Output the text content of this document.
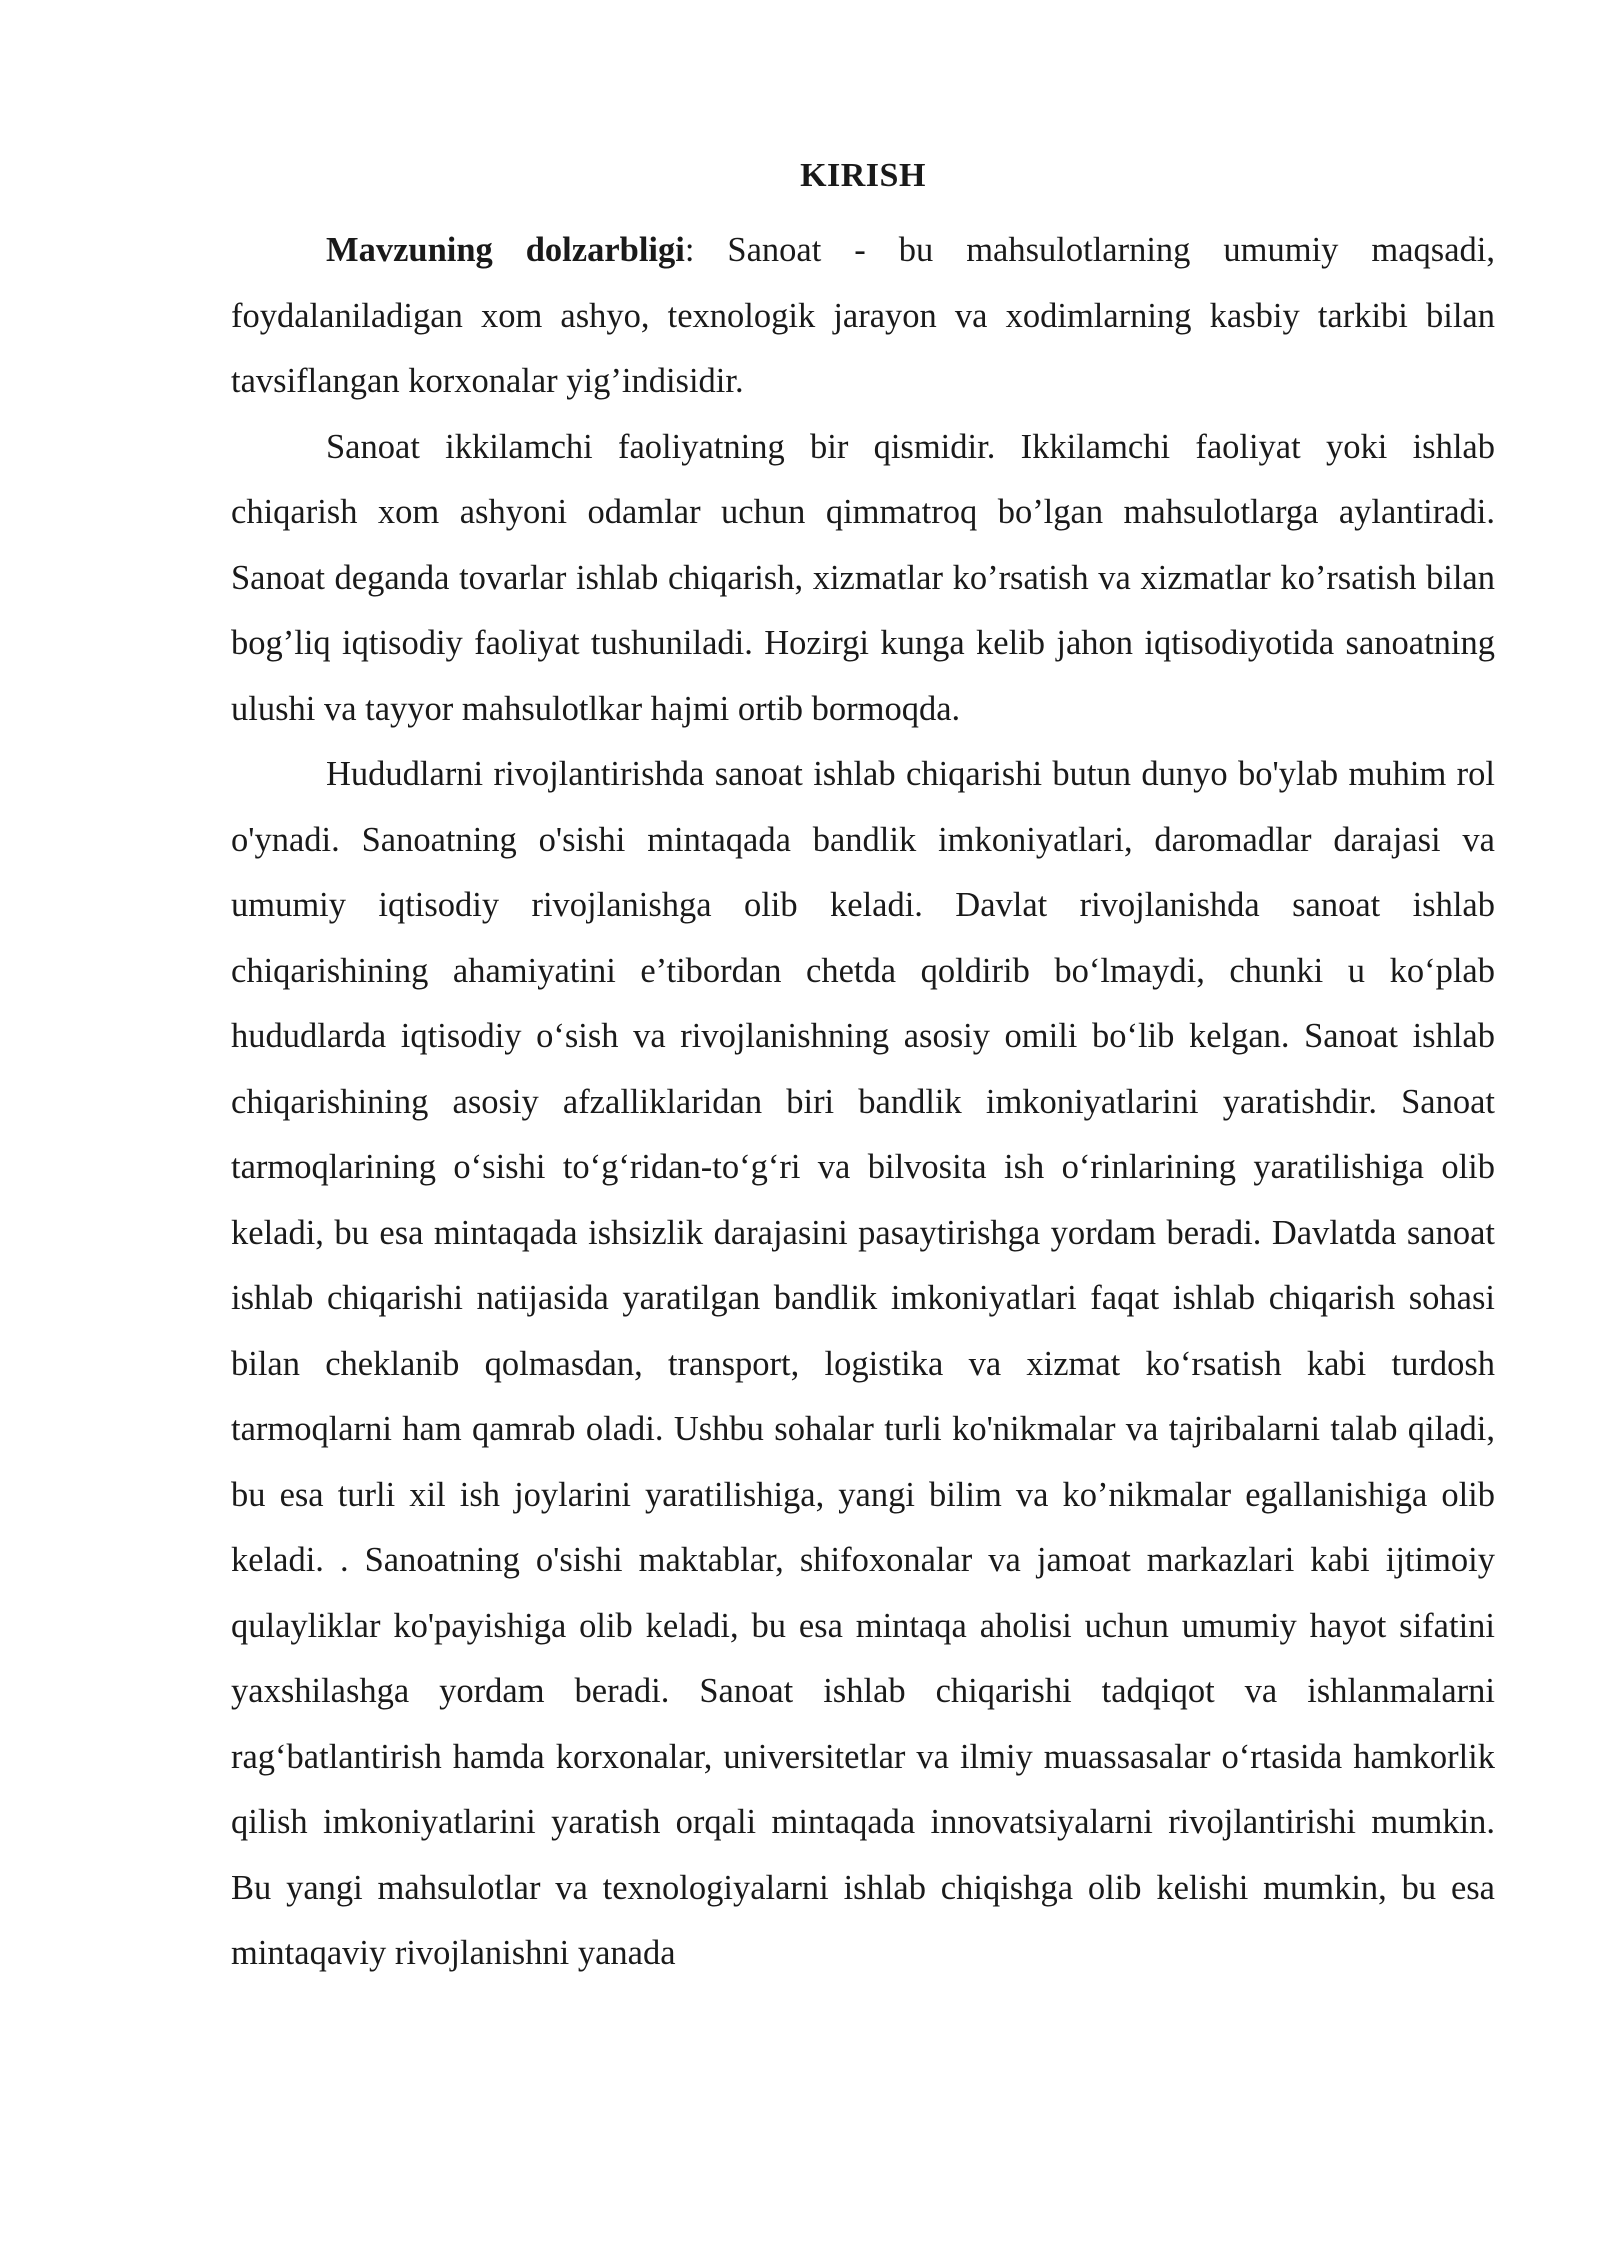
KIRISH

Mavzuning dolzarbligi: Sanoat - bu mahsulotlarning umumiy maqsadi, foydalaniladigan xom ashyo, texnologik jarayon va xodimlarning kasbiy tarkibi bilan tavsiflangan korxonalar yig’indisidir.

Sanoat ikkilamchi faoliyatning bir qismidir. Ikkilamchi faoliyat yoki ishlab chiqarish xom ashyoni odamlar uchun qimmatroq bo’lgan mahsulotlarga aylantiradi. Sanoat deganda tovarlar ishlab chiqarish, xizmatlar ko’rsatish va xizmatlar ko’rsatish bilan bog’liq iqtisodiy faoliyat tushuniladi. Hozirgi kunga kelib jahon iqtisodiyotida sanoatning ulushi va tayyor mahsulotlkar hajmi ortib bormoqda.

Hududlarni rivojlantirishda sanoat ishlab chiqarishi butun dunyo bo'ylab muhim rol o'ynadi. Sanoatning o'sishi mintaqada bandlik imkoniyatlari, daromadlar darajasi va umumiy iqtisodiy rivojlanishga olib keladi. Davlat rivojlanishda sanoat ishlab chiqarishining ahamiyatini e’tibordan chetda qoldirib bo‘lmaydi, chunki u ko‘plab hududlarda iqtisodiy o‘sish va rivojlanishning asosiy omili bo‘lib kelgan. Sanoat ishlab chiqarishining asosiy afzalliklaridan biri bandlik imkoniyatlarini yaratishdir. Sanoat tarmoqlarining o‘sishi to‘g‘ridan-to‘g‘ri va bilvosita ish o‘rinlarining yaratilishiga olib keladi, bu esa mintaqada ishsizlik darajasini pasaytirishga yordam beradi. Davlatda sanoat ishlab chiqarishi natijasida yaratilgan bandlik imkoniyatlari faqat ishlab chiqarish sohasi bilan cheklanib qolmasdan, transport, logistika va xizmat ko‘rsatish kabi turdosh tarmoqlarni ham qamrab oladi. Ushbu sohalar turli ko'nikmalar va tajribalarni talab qiladi, bu esa turli xil ish joylarini yaratilishiga, yangi bilim va ko’nikmalar egallanishiga olib keladi. . Sanoatning o'sishi maktablar, shifoxonalar va jamoat markazlari kabi ijtimoiy qulayliklar ko'payishiga olib keladi, bu esa mintaqa aholisi uchun umumiy hayot sifatini yaxshilashga yordam beradi. Sanoat ishlab chiqarishi tadqiqot va ishlanmalarni rag‘batlantirish hamda korxonalar, universitetlar va ilmiy muassasalar o‘rtasida hamkorlik qilish imkoniyatlarini yaratish orqali mintaqada innovatsiyalarni rivojlantirishi mumkin. Bu yangi mahsulotlar va texnologiyalarni ishlab chiqishga olib kelishi mumkin, bu esa mintaqaviy rivojlanishni yanada
